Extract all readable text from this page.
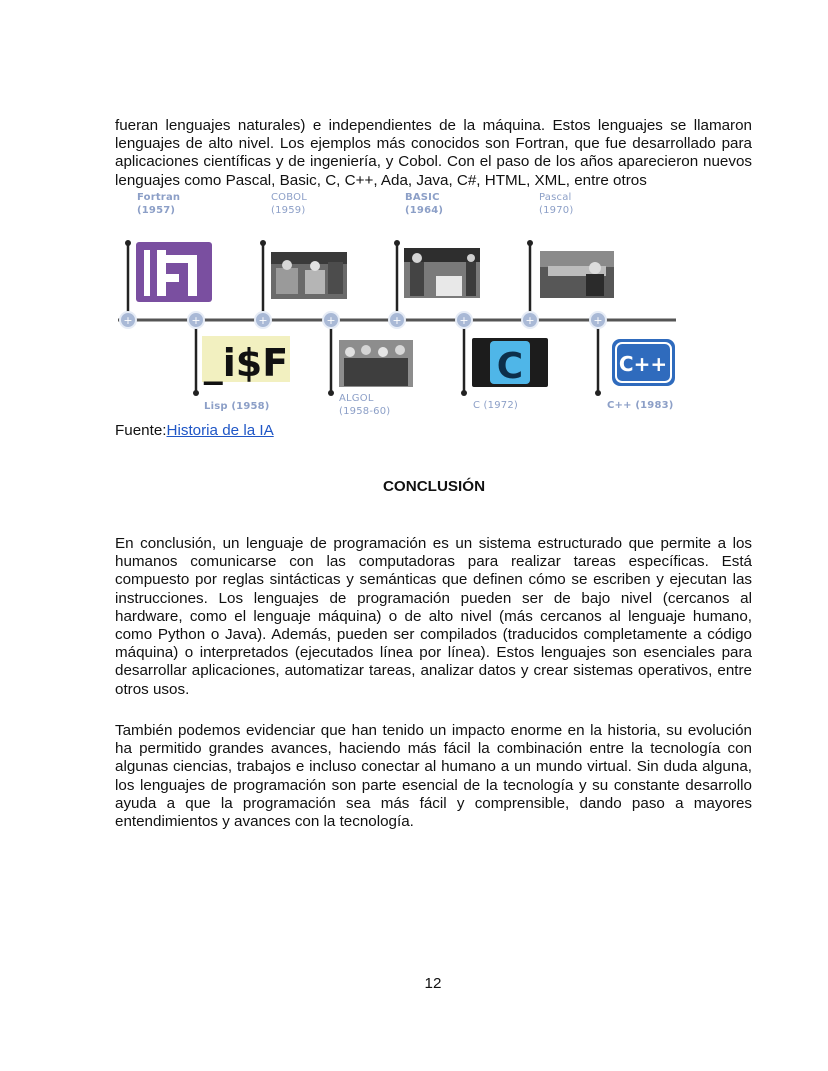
fueran lenguajes naturales) e independientes de la máquina. Estos lenguajes se llamaron lenguajes de alto nivel. Los ejemplos más conocidos son Fortran, que fue desarrollado para aplicaciones científicas y de ingeniería, y Cobol. Con el paso de los años aparecieron nuevos lenguajes como Pascal, Basic, C, C++, Ada, Java, C#, HTML, XML, entre otros

+	+	+	+	+	+	+	+
_i$F	C	C++
Fortran
(1957)
COBOL
(1959)
BASIC
(1964)
Pascal
(1970)
Lisp (1958)
ALGOL
(1958-60)
C (1972)	C++ (1983)
Fuente:Historia de la IA
CONCLUSIÓN

En conclusión, un lenguaje de programación es un sistema estructurado que permite a los humanos comunicarse con las computadoras para realizar tareas específicas. Está compuesto por reglas sintácticas y semánticas que definen cómo se escriben y ejecutan las instrucciones. Los lenguajes de programación pueden ser de bajo nivel (cercanos al hardware, como el lenguaje máquina) o de alto nivel (más cercanos al lenguaje humano, como Python o Java). Además, pueden ser compilados (traducidos completamente a código máquina) o interpretados (ejecutados línea por línea). Estos lenguajes son esenciales para desarrollar aplicaciones, automatizar tareas, analizar datos y crear sistemas operativos, entre otros usos.

También podemos evidenciar que han tenido un impacto enorme en la historia, su evolución ha permitido grandes avances, haciendo más fácil la combinación entre la tecnología con algunas ciencias, trabajos e incluso conectar al humano a un mundo virtual. Sin duda alguna, los lenguajes de programación son parte esencial de la tecnología y su constante desarrollo ayuda a que la programación sea más fácil y comprensible, dando paso a mayores entendimientos y avances con la tecnología.

12
